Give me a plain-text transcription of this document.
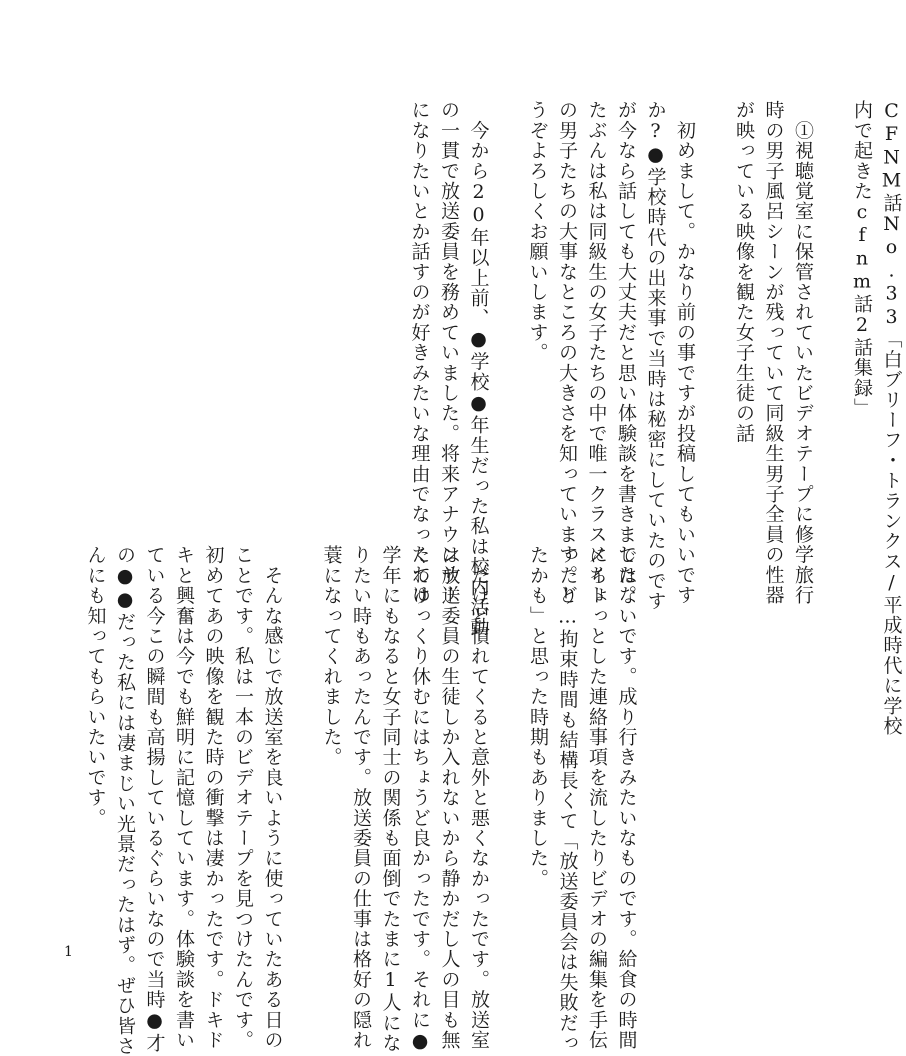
CFNM話No.33「白ブリーフ・トランクス/平成時代に学校
内で起きたcfnm話2話集録」
　①視聴覚室に保管されていたビデオテープに修学旅行
時の男子風呂シーンが残っていて同級生男子全員の性器
が映っている映像を観た女子生徒の話
　初めまして。かなり前の事ですが投稿してもいいです
か?●学校時代の出来事で当時は秘密にしていたのです
が今なら話しても大丈夫だと思い体験談を書きました。
たぶんは私は同級生の女子たちの中で唯一クラスメイト
の男子たちの大事なところの大きさを知っています。ど
うぞよろしくお願いします。
　今から20年以上前、●学校●年生だった私は校内活動
の一貫で放送委員を務めていました。将来アナウンサー
になりたいとか話すのが好きみたいな理由でなったわけ
ではないです。成り行きみたいなものです。給食の時間
にちょっとした連絡事項を流したりビデオの編集を手伝
ったり…拘束時間も結構長くて「放送委員会は失敗だっ
たかも」と思った時期もありました。
　だけど慣れてくると意外と悪くなかったです。放送室
は放送委員の生徒しか入れないから静かだし人の目も無
くてゆっくり休むにはちょうど良かったです。それに●
学年にもなると女子同士の関係も面倒でたまに1人にな
りたい時もあったんです。放送委員の仕事は格好の隠れ
蓑になってくれました。
　そんな感じで放送室を良いように使っていたある日の
ことです。私は一本のビデオテープを見つけたんです。
初めてあの映像を観た時の衝撃は凄かったです。ドキド
キと興奮は今でも鮮明に記憶しています。体験談を書い
ている今この瞬間も高揚しているぐらいなので当時●才
の●●だった私には凄まじい光景だったはず。ぜひ皆さ
んにも知ってもらいたいです。
1
